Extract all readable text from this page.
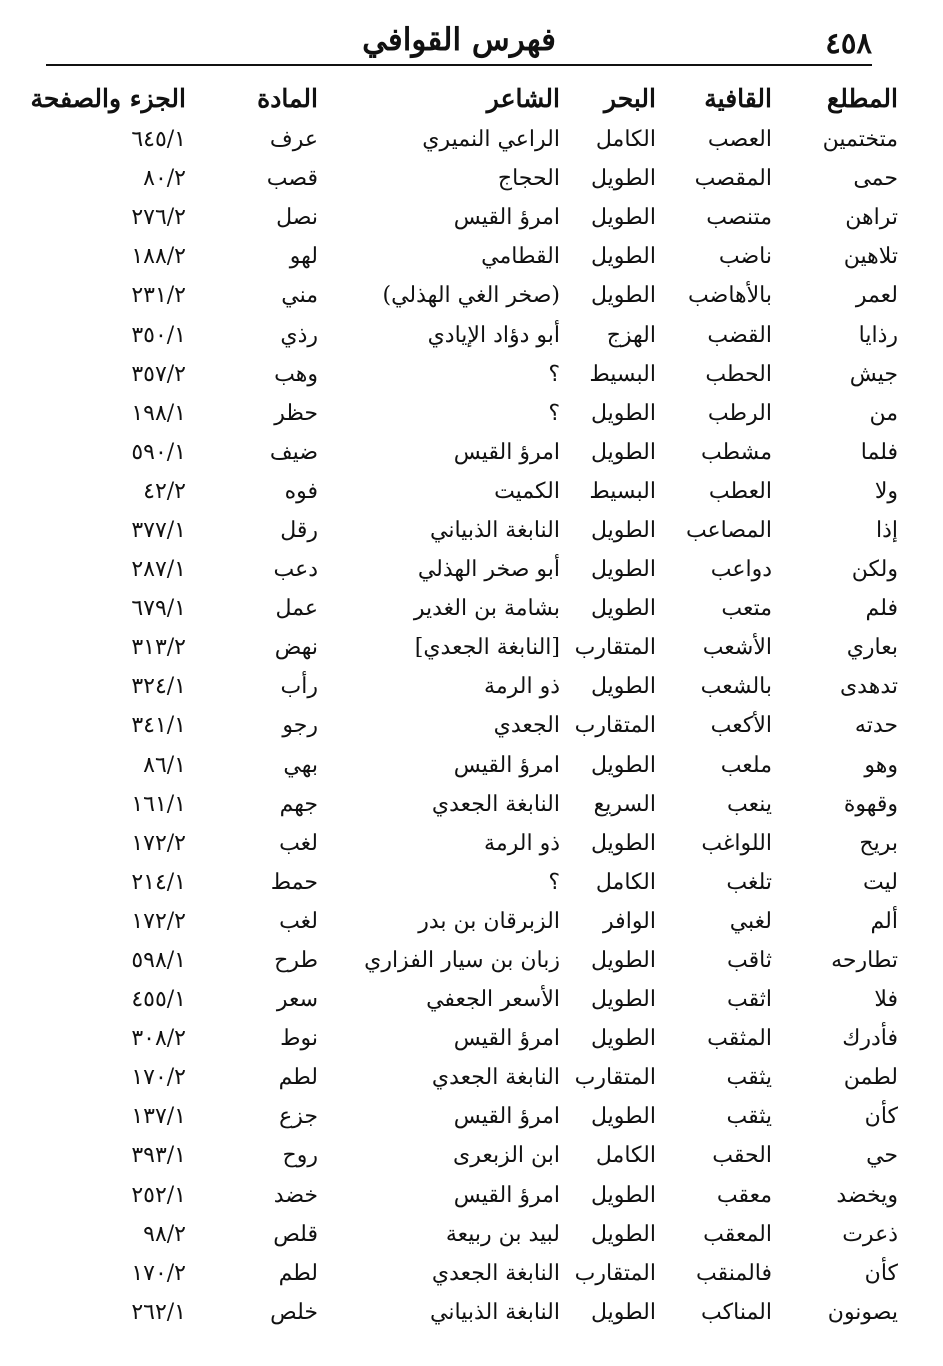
٤٥٨
فهرس القوافي
المطلع	القافية	البحر	الشاعر	المادة	الجزء والصفحة
متختمين	العصب	الكامل	الراعي النميري	عرف	٦٤٥/١
حمى	المقصب	الطويل	الحجاج	قصب	٨٠/٢
تراهن	متنصب	الطويل	امرؤ القيس	نصل	٢٧٦/٢
تلاهين	ناضب	الطويل	القطامي	لهو	١٨٨/٢
لعمر	بالأهاضب	الطويل	(صخر الغي الهذلي)	مني	٢٣١/٢
رذايا	القضب	الهزج	أبو دؤاد الإيادي	رذي	٣٥٠/١
جيش	الحطب	البسيط	؟	وهب	٣٥٧/٢
من	الرطب	الطويل	؟	حظر	١٩٨/١
فلما	مشطب	الطويل	امرؤ القيس	ضيف	٥٩٠/١
ولا	العطب	البسيط	الكميت	فوه	٤٢/٢
إذا	المصاعب	الطويل	النابغة الذبياني	رقل	٣٧٧/١
ولكن	دواعب	الطويل	أبو صخر الهذلي	دعب	٢٨٧/١
فلم	متعب	الطويل	بشامة بن الغدير	عمل	٦٧٩/١
بعاري	الأشعب	المتقارب	[النابغة الجعدي]	نهض	٣١٣/٢
تدهدى	بالشعب	الطويل	ذو الرمة	رأب	٣٢٤/١
حدته	الأكعب	المتقارب	الجعدي	رجو	٣٤١/١
وهو	ملعب	الطويل	امرؤ القيس	بهي	٨٦/١
وقهوة	ينعب	السريع	النابغة الجعدي	جهم	١٦١/١
بريح	اللواغب	الطويل	ذو الرمة	لغب	١٧٢/٢
ليت	تلغب	الكامل	؟	حمط	٢١٤/١
ألم	لغبي	الوافر	الزبرقان بن بدر	لغب	١٧٢/٢
تطارحه	ثاقب	الطويل	زبان بن سيار الفزاري	طرح	٥٩٨/١
فلا	اثقب	الطويل	الأسعر الجعفي	سعر	٤٥٥/١
فأدرك	المثقب	الطويل	امرؤ القيس	نوط	٣٠٨/٢
لطمن	يثقب	المتقارب	النابغة الجعدي	لطم	١٧٠/٢
كأن	يثقب	الطويل	امرؤ القيس	جزع	١٣٧/١
حي	الحقب	الكامل	ابن الزبعرى	روح	٣٩٣/١
ويخضد	معقب	الطويل	امرؤ القيس	خضد	٢٥٢/١
ذعرت	المعقب	الطويل	لبيد بن ربيعة	قلص	٩٨/٢
كأن	فالمنقب	المتقارب	النابغة الجعدي	لطم	١٧٠/٢
يصونون	المناكب	الطويل	النابغة الذبياني	خلص	٢٦٢/١
